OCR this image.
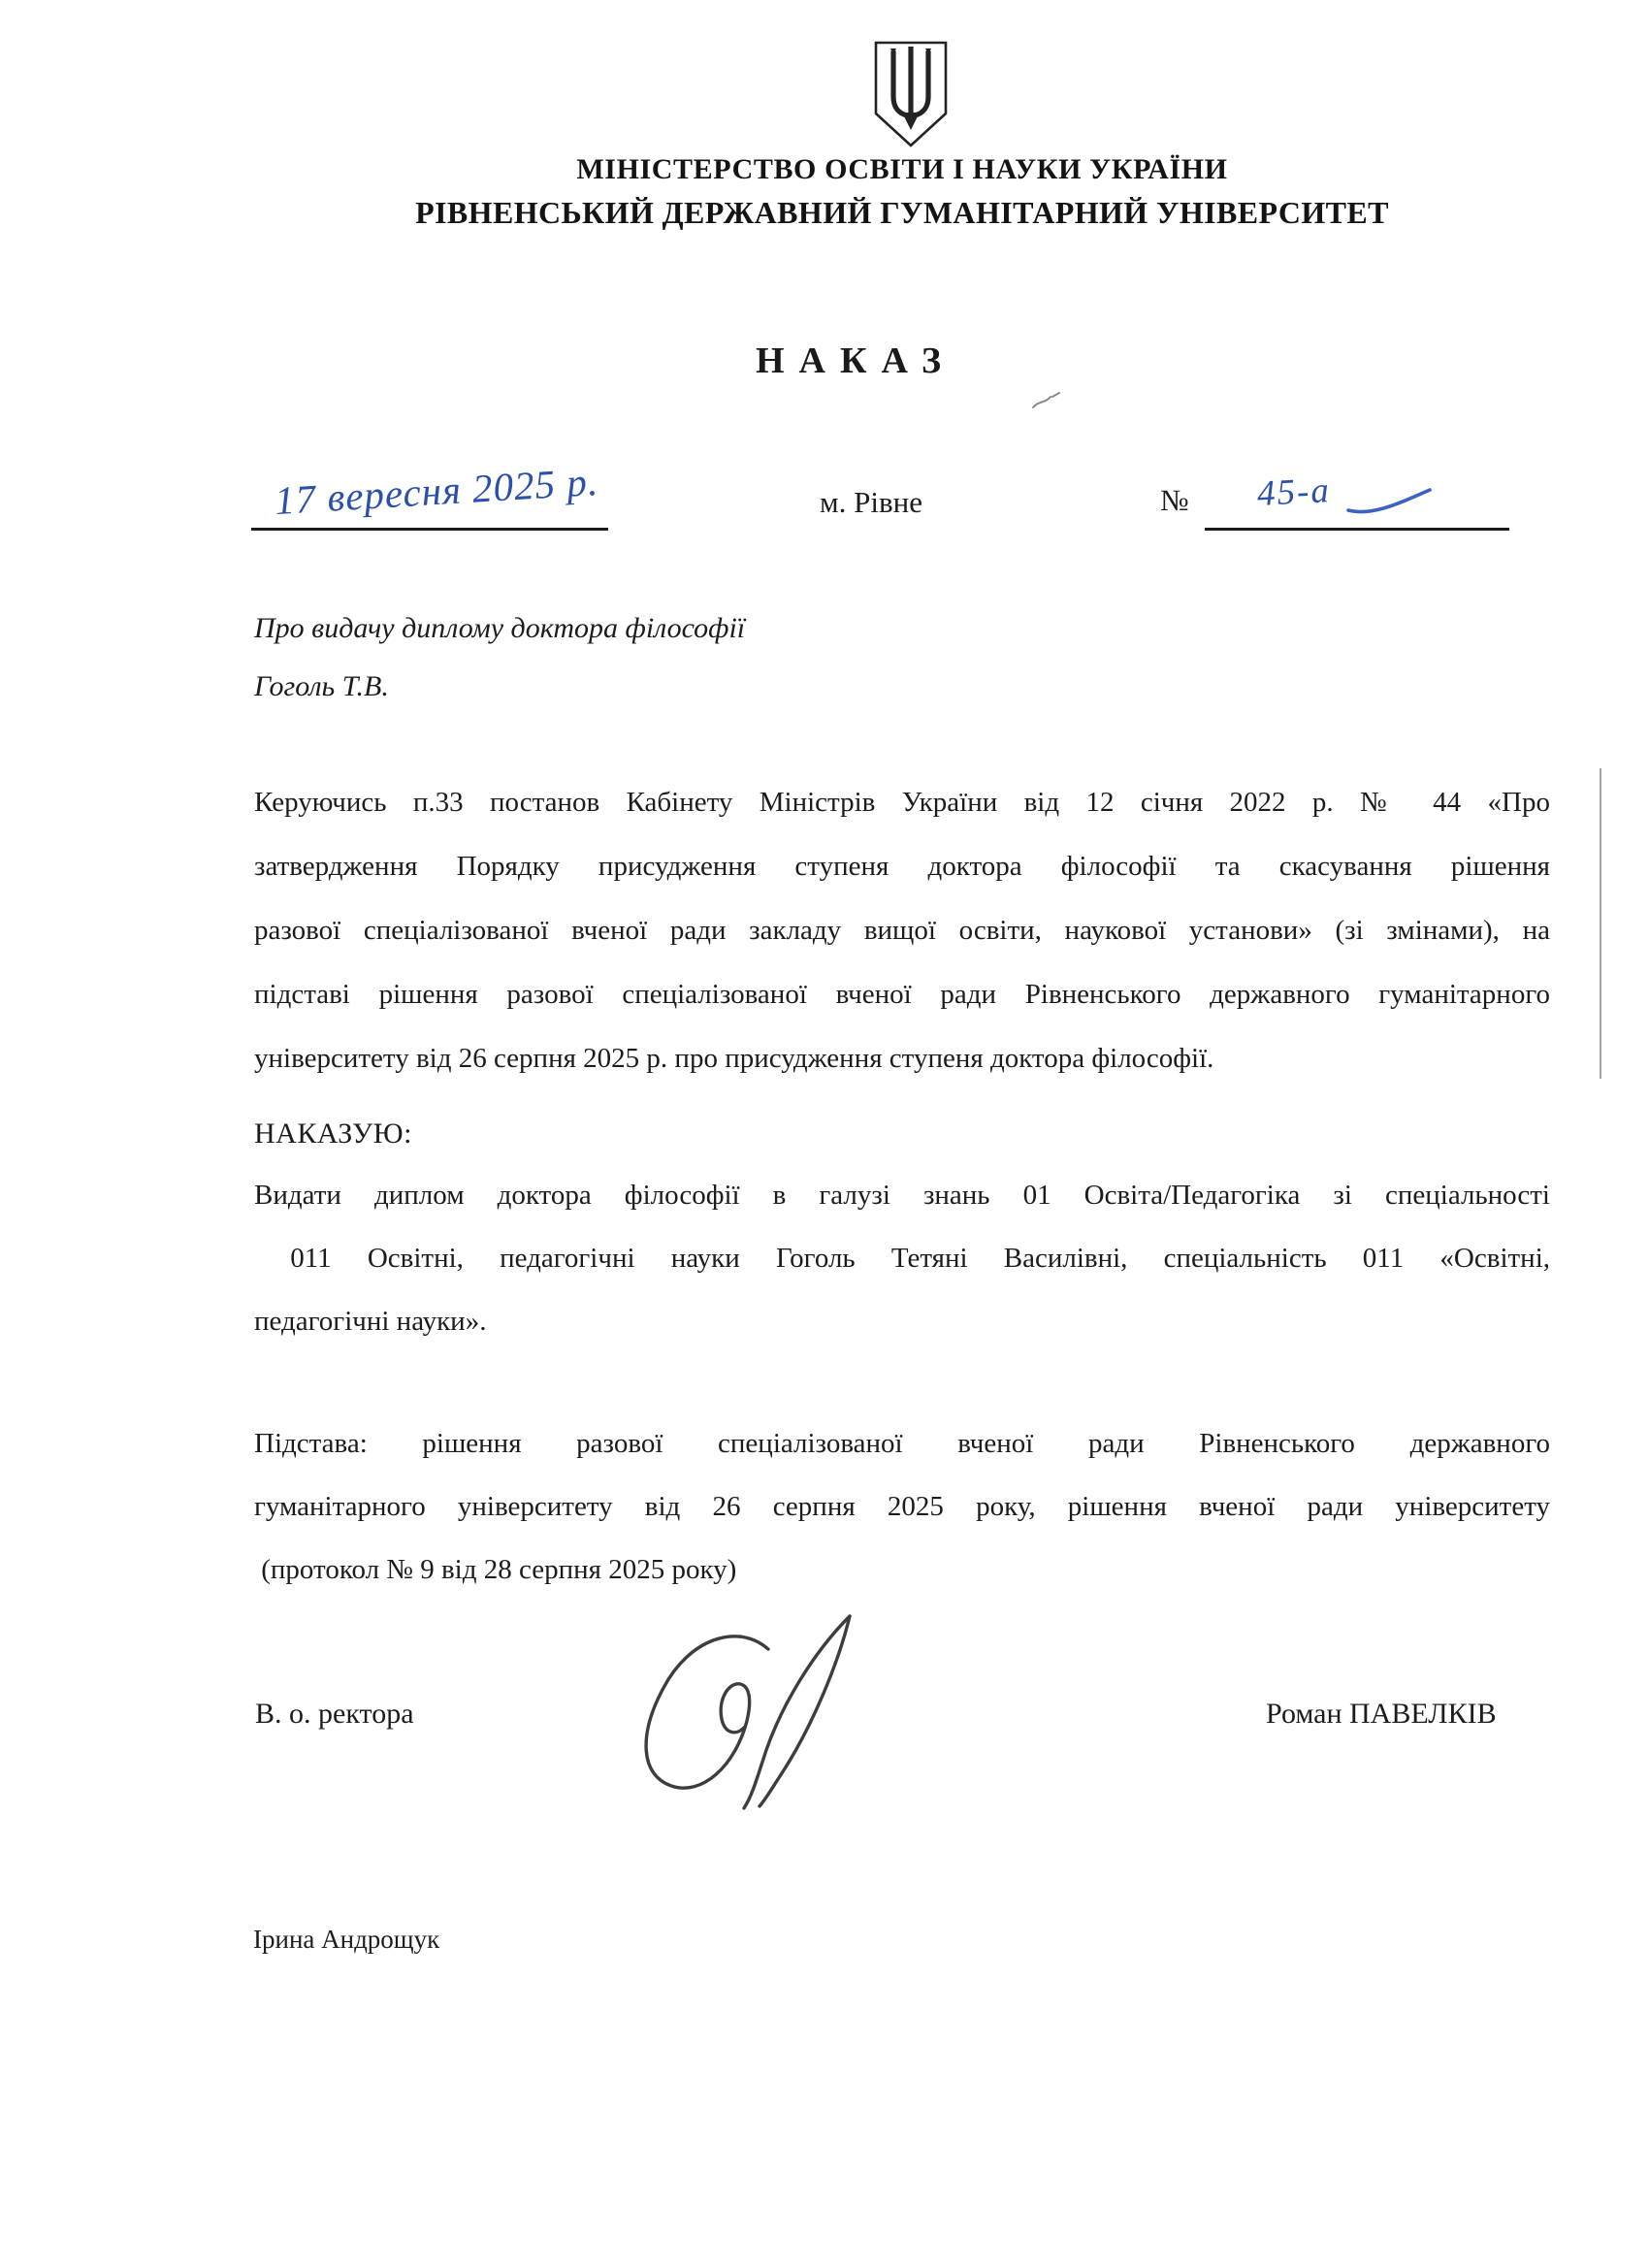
МІНІСТЕРСТВО ОСВІТИ І НАУКИ УКРАЇНИ
РІВНЕНСЬКИЙ ДЕРЖАВНИЙ ГУМАНІТАРНИЙ УНІВЕРСИТЕТ
НАКАЗ
17 вересня 2025 р.	м. Рівне	№ 45-а
Про видачу диплому доктора філософії
Гоголь Т.В.
Керуючись п.33 постанов Кабінету Міністрів України від 12 січня 2022 р. № 44 «Про
затвердження Порядку присудження ступеня доктора філософії та скасування рішення
разової спеціалізованої вченої ради закладу вищої освіти, наукової установи» (зі змінами), на
підставі рішення разової спеціалізованої вченої ради Рівненського державного гуманітарного
університету від 26 серпня 2025 р. про присудження ступеня доктора філософії.
НАКАЗУЮ:
Видати диплом доктора філософії в галузі знань 01 Освіта/Педагогіка зі спеціальності
011 Освітні, педагогічні науки Гоголь Тетяні Василівні, спеціальність 011 «Освітні,
педагогічні науки».
Підстава: рішення разової спеціалізованої вченої ради Рівненського державного
гуманітарного університету від 26 серпня 2025 року, рішення вченої ради університету
(протокол № 9 від 28 серпня 2025 року)
В. о. ректора	Роман ПАВЕЛКІВ
Ірина Андрощук
